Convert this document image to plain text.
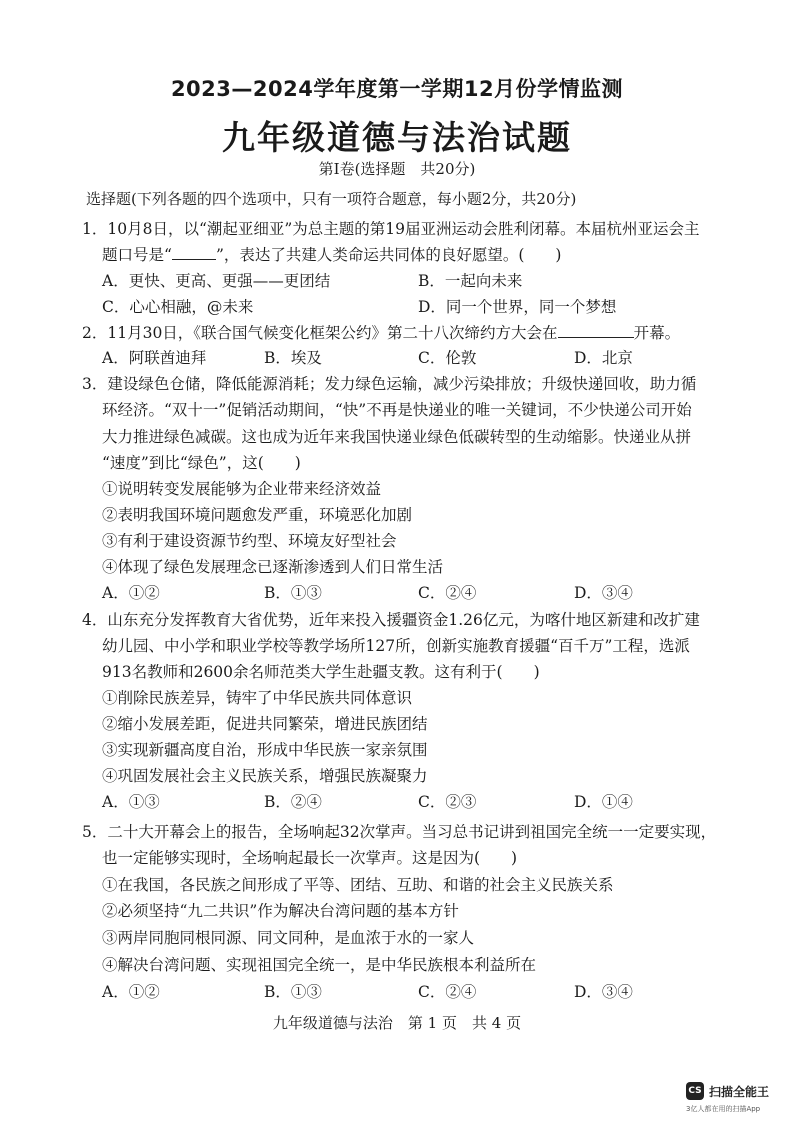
2023—2024学年度第一学期12月份学情监测
九年级道德与法治试题
第Ⅰ卷(选择题　共20分)
选择题(下列各题的四个选项中，只有一项符合题意，每小题2分，共20分)
1．10月8日，以“潮起亚细亚”为总主题的第19届亚洲运动会胜利闭幕。本届杭州亚运会主
题口号是“	”，表达了共建人类命运共同体的良好愿望。(　　)
A．更快、更高、更强——更团结	B．一起向未来
C．心心相融，@未来	D．同一个世界，同一个梦想
2．11月30日，《联合国气候变化框架公约》第二十八次缔约方大会在	开幕。
A．阿联酋迪拜	B．埃及	C．伦敦	D．北京
3．建设绿色仓储，降低能源消耗；发力绿色运输，减少污染排放；升级快递回收，助力循
环经济。“双十一”促销活动期间，“快”不再是快递业的唯一关键词，不少快递公司开始
大力推进绿色减碳。这也成为近年来我国快递业绿色低碳转型的生动缩影。快递业从拼
“速度”到比“绿色”，这(　　)
①说明转变发展能够为企业带来经济效益
②表明我国环境问题愈发严重，环境恶化加剧
③有利于建设资源节约型、环境友好型社会
④体现了绿色发展理念已逐渐渗透到人们日常生活
A．①②	B．①③	C．②④	D．③④
4．山东充分发挥教育大省优势，近年来投入援疆资金1.26亿元，为喀什地区新建和改扩建
幼儿园、中小学和职业学校等教学场所127所，创新实施教育援疆“百千万”工程，选派
913名教师和2600余名师范类大学生赴疆支教。这有利于(　　)
①削除民族差异，铸牢了中华民族共同体意识
②缩小发展差距，促进共同繁荣，增进民族团结
③实现新疆高度自治，形成中华民族一家亲氛围
④巩固发展社会主义民族关系，增强民族凝聚力
A．①③	B．②④	C．②③	D．①④
5．二十大开幕会上的报告，全场响起32次掌声。当习总书记讲到祖国完全统一一定要实现，
也一定能够实现时，全场响起最长一次掌声。这是因为(　　)
①在我国，各民族之间形成了平等、团结、互助、和谐的社会主义民族关系
②必须坚持“九二共识”作为解决台湾问题的基本方针
③两岸同胞同根同源、同文同种，是血浓于水的一家人
④解决台湾问题、实现祖国完全统一，是中华民族根本利益所在
A．①②	B．①③	C．②④	D．③④
九年级道德与法治　第 1 页　共 4 页
CS 扫描全能王
3亿人都在用的扫描App
